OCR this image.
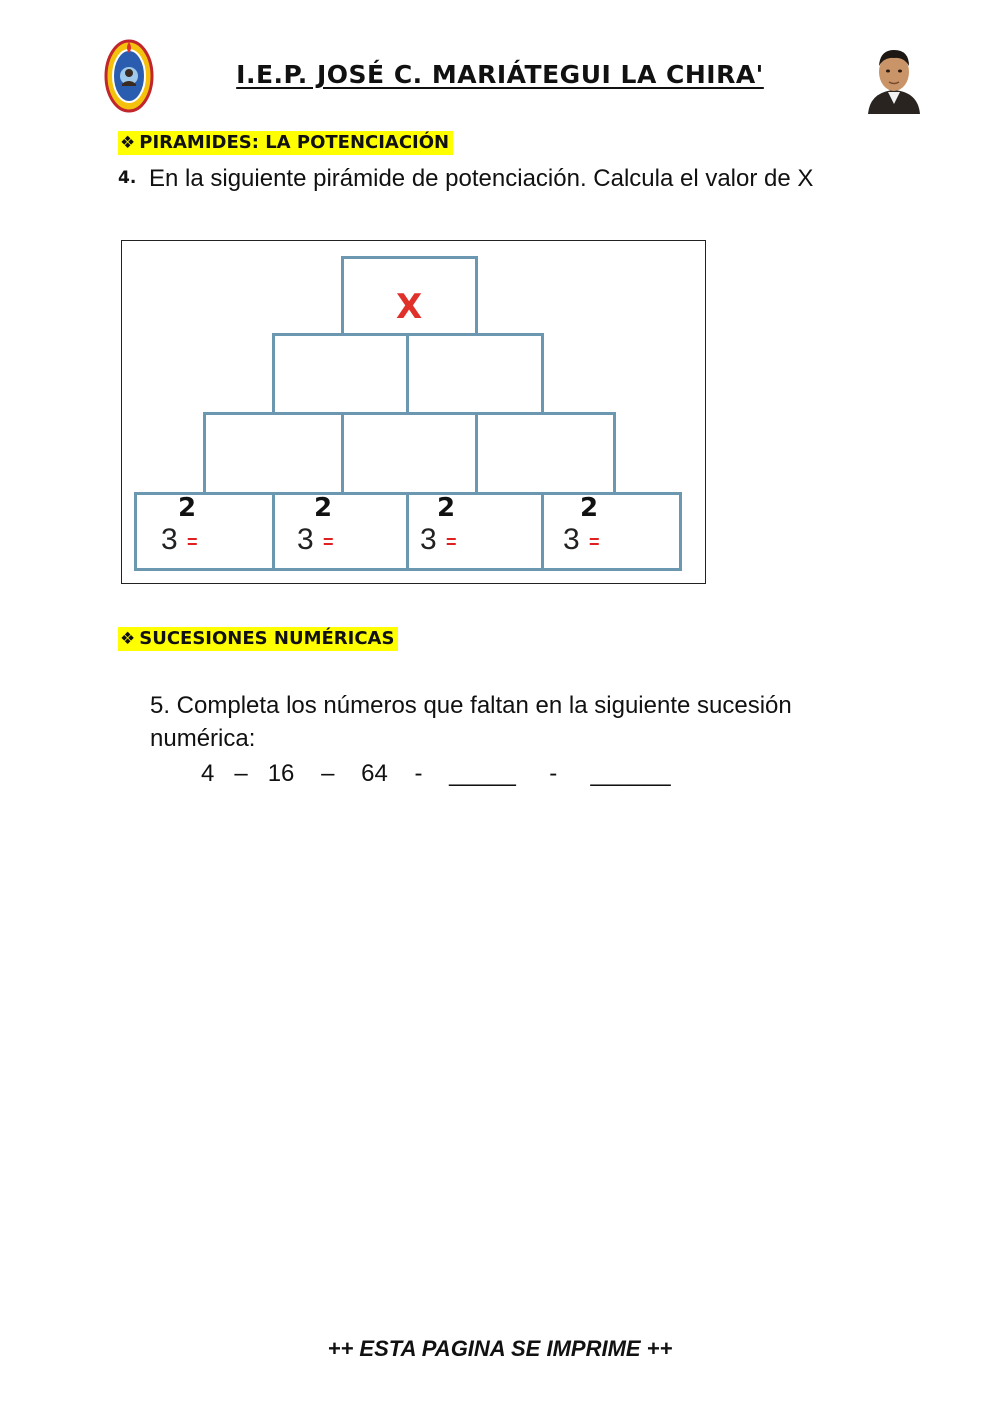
I.E.P. JOSÉ C. MARIÁTEGUI LA CHIRA'
❖ PIRAMIDES: LA POTENCIACIÓN
4. En la siguiente pirámide de potenciación. Calcula el valor de X
X
3
2
=	3
2
=	3
2
=	3
2
=
❖ SUCESIONES NUMÉRICAS
5. Completa los números que faltan en la siguiente sucesión numérica:
4   –   16    –    64    -    _____     -     ______
++ ESTA PAGINA SE IMPRIME ++
